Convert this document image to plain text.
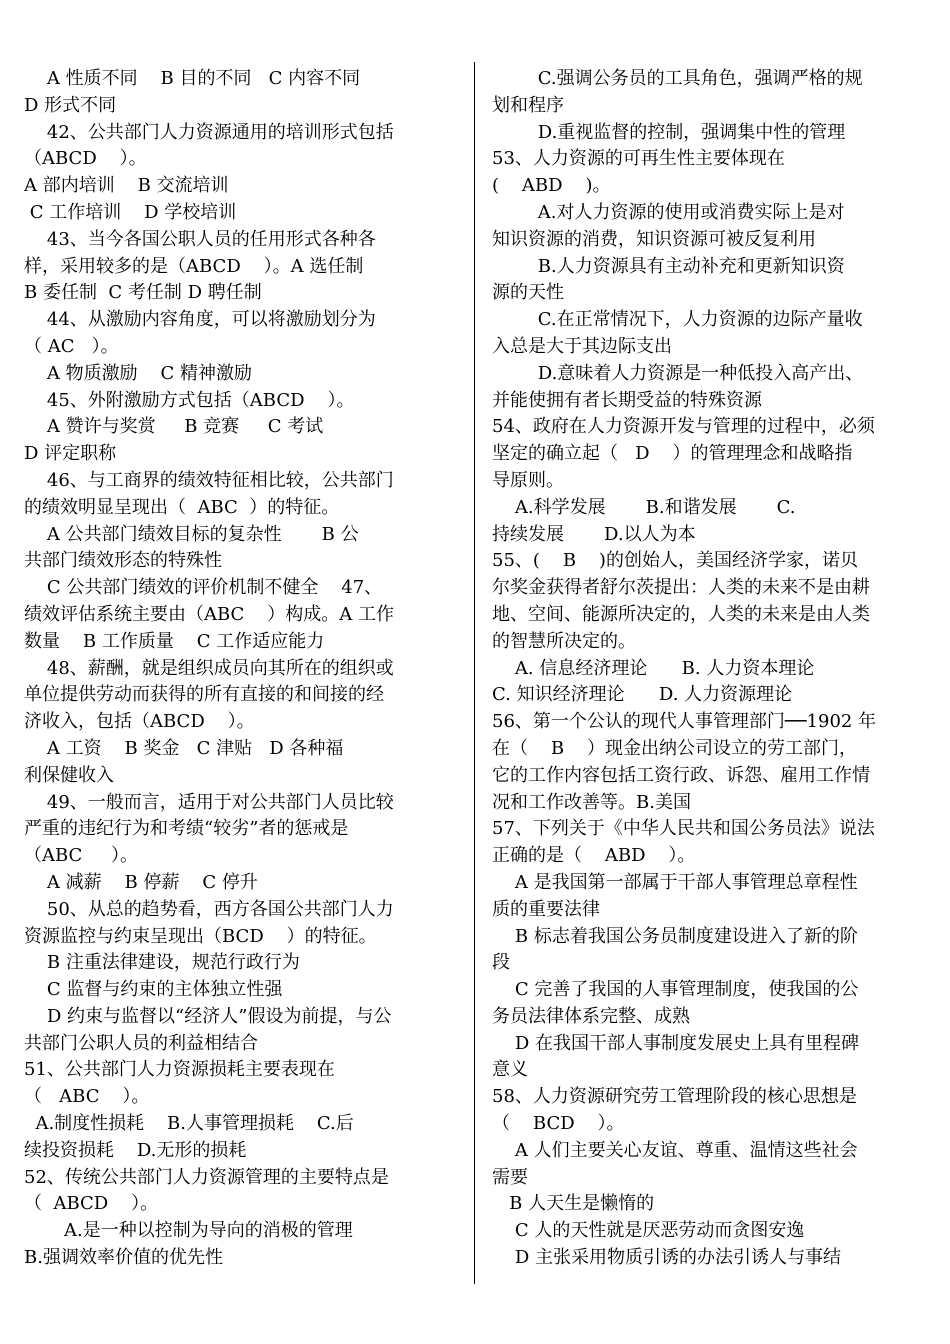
A 性质不同    B 目的不同   C 内容不同
D 形式不同
42、公共部门人力资源通用的培训形式包括
（ABCD    ）。
A 部内培训    B 交流培训
C 工作培训    D 学校培训
43、当今各国公职人员的任用形式各种各
样，采用较多的是（ABCD    ）。A 选任制
B 委任制  C 考任制 D 聘任制
44、从激励内容角度，可以将激励划分为
（ AC   ）。
A 物质激励    C 精神激励
45、外附激励方式包括（ABCD    ）。
A 赞许与奖赏     B 竞赛     C 考试
D 评定职称
46、与工商界的绩效特征相比较，公共部门
的绩效明显呈现出（  ABC  ）的特征。
A 公共部门绩效目标的复杂性       B 公
共部门绩效形态的特殊性
C 公共部门绩效的评价机制不健全    47、
绩效评估系统主要由（ABC    ）构成。A 工作
数量    B 工作质量    C 工作适应能力
48、薪酬，就是组织成员向其所在的组织或
单位提供劳动而获得的所有直接的和间接的经
济收入，包括（ABCD    ）。
A 工资    B 奖金   C 津贴   D 各种福
利保健收入
49、一般而言，适用于对公共部门人员比较
严重的违纪行为和考绩“较劣”者的惩戒是
（ABC     ）。
A 减薪    B 停薪    C 停升
50、从总的趋势看，西方各国公共部门人力
资源监控与约束呈现出（BCD    ）的特征。
B 注重法律建设，规范行政行为
C 监督与约束的主体独立性强
D 约束与监督以“经济人”假设为前提，与公
共部门公职人员的利益相结合
51、公共部门人力资源损耗主要表现在
（   ABC    ）。
A.制度性损耗    B.人事管理损耗    C.后
续投资损耗    D.无形的损耗
52、传统公共部门人力资源管理的主要特点是
（  ABCD    ）。
A.是一种以控制为导向的消极的管理
B.强调效率价值的优先性
C.强调公务员的工具角色，强调严格的规
划和程序
D.重视监督的控制，强调集中性的管理
53、人力资源的可再生性主要体现在
(    ABD    )。
A.对人力资源的使用或消费实际上是对
知识资源的消费，知识资源可被反复利用
B.人力资源具有主动补充和更新知识资
源的天性
C.在正常情况下，人力资源的边际产量收
入总是大于其边际支出
D.意味着人力资源是一种低投入高产出、
并能使拥有者长期受益的特殊资源
54、政府在人力资源开发与管理的过程中，必须
坚定的确立起（   D    ）的管理理念和战略指
导原则。
A.科学发展       B.和谐发展       C.
持续发展       D.以人为本
55、(    B    )的创始人，美国经济学家，诺贝
尔奖金获得者舒尔茨提出：人类的未来不是由耕
地、空间、能源所决定的，人类的未来是由人类
的智慧所决定的。
A. 信息经济理论      B. 人力资本理论
C. 知识经济理论      D. 人力资源理论
56、第一个公认的现代人事管理部门──1902 年
在（    B    ）现金出纳公司设立的劳工部门，
它的工作内容包括工资行政、诉怨、雇用工作情
况和工作改善等。B.美国
57、下列关于《中华人民共和国公务员法》说法
正确的是（    ABD    ）。
A 是我国第一部属于干部人事管理总章程性
质的重要法律
B 标志着我国公务员制度建设进入了新的阶
段
C 完善了我国的人事管理制度，使我国的公
务员法律体系完整、成熟
D 在我国干部人事制度发展史上具有里程碑
意义
58、人力资源研究劳工管理阶段的核心思想是
（    BCD    ）。
A 人们主要关心友谊、尊重、温情这些社会
需要
B 人天生是懒惰的
C 人的天性就是厌恶劳动而贪图安逸
D 主张采用物质引诱的办法引诱人与事结
